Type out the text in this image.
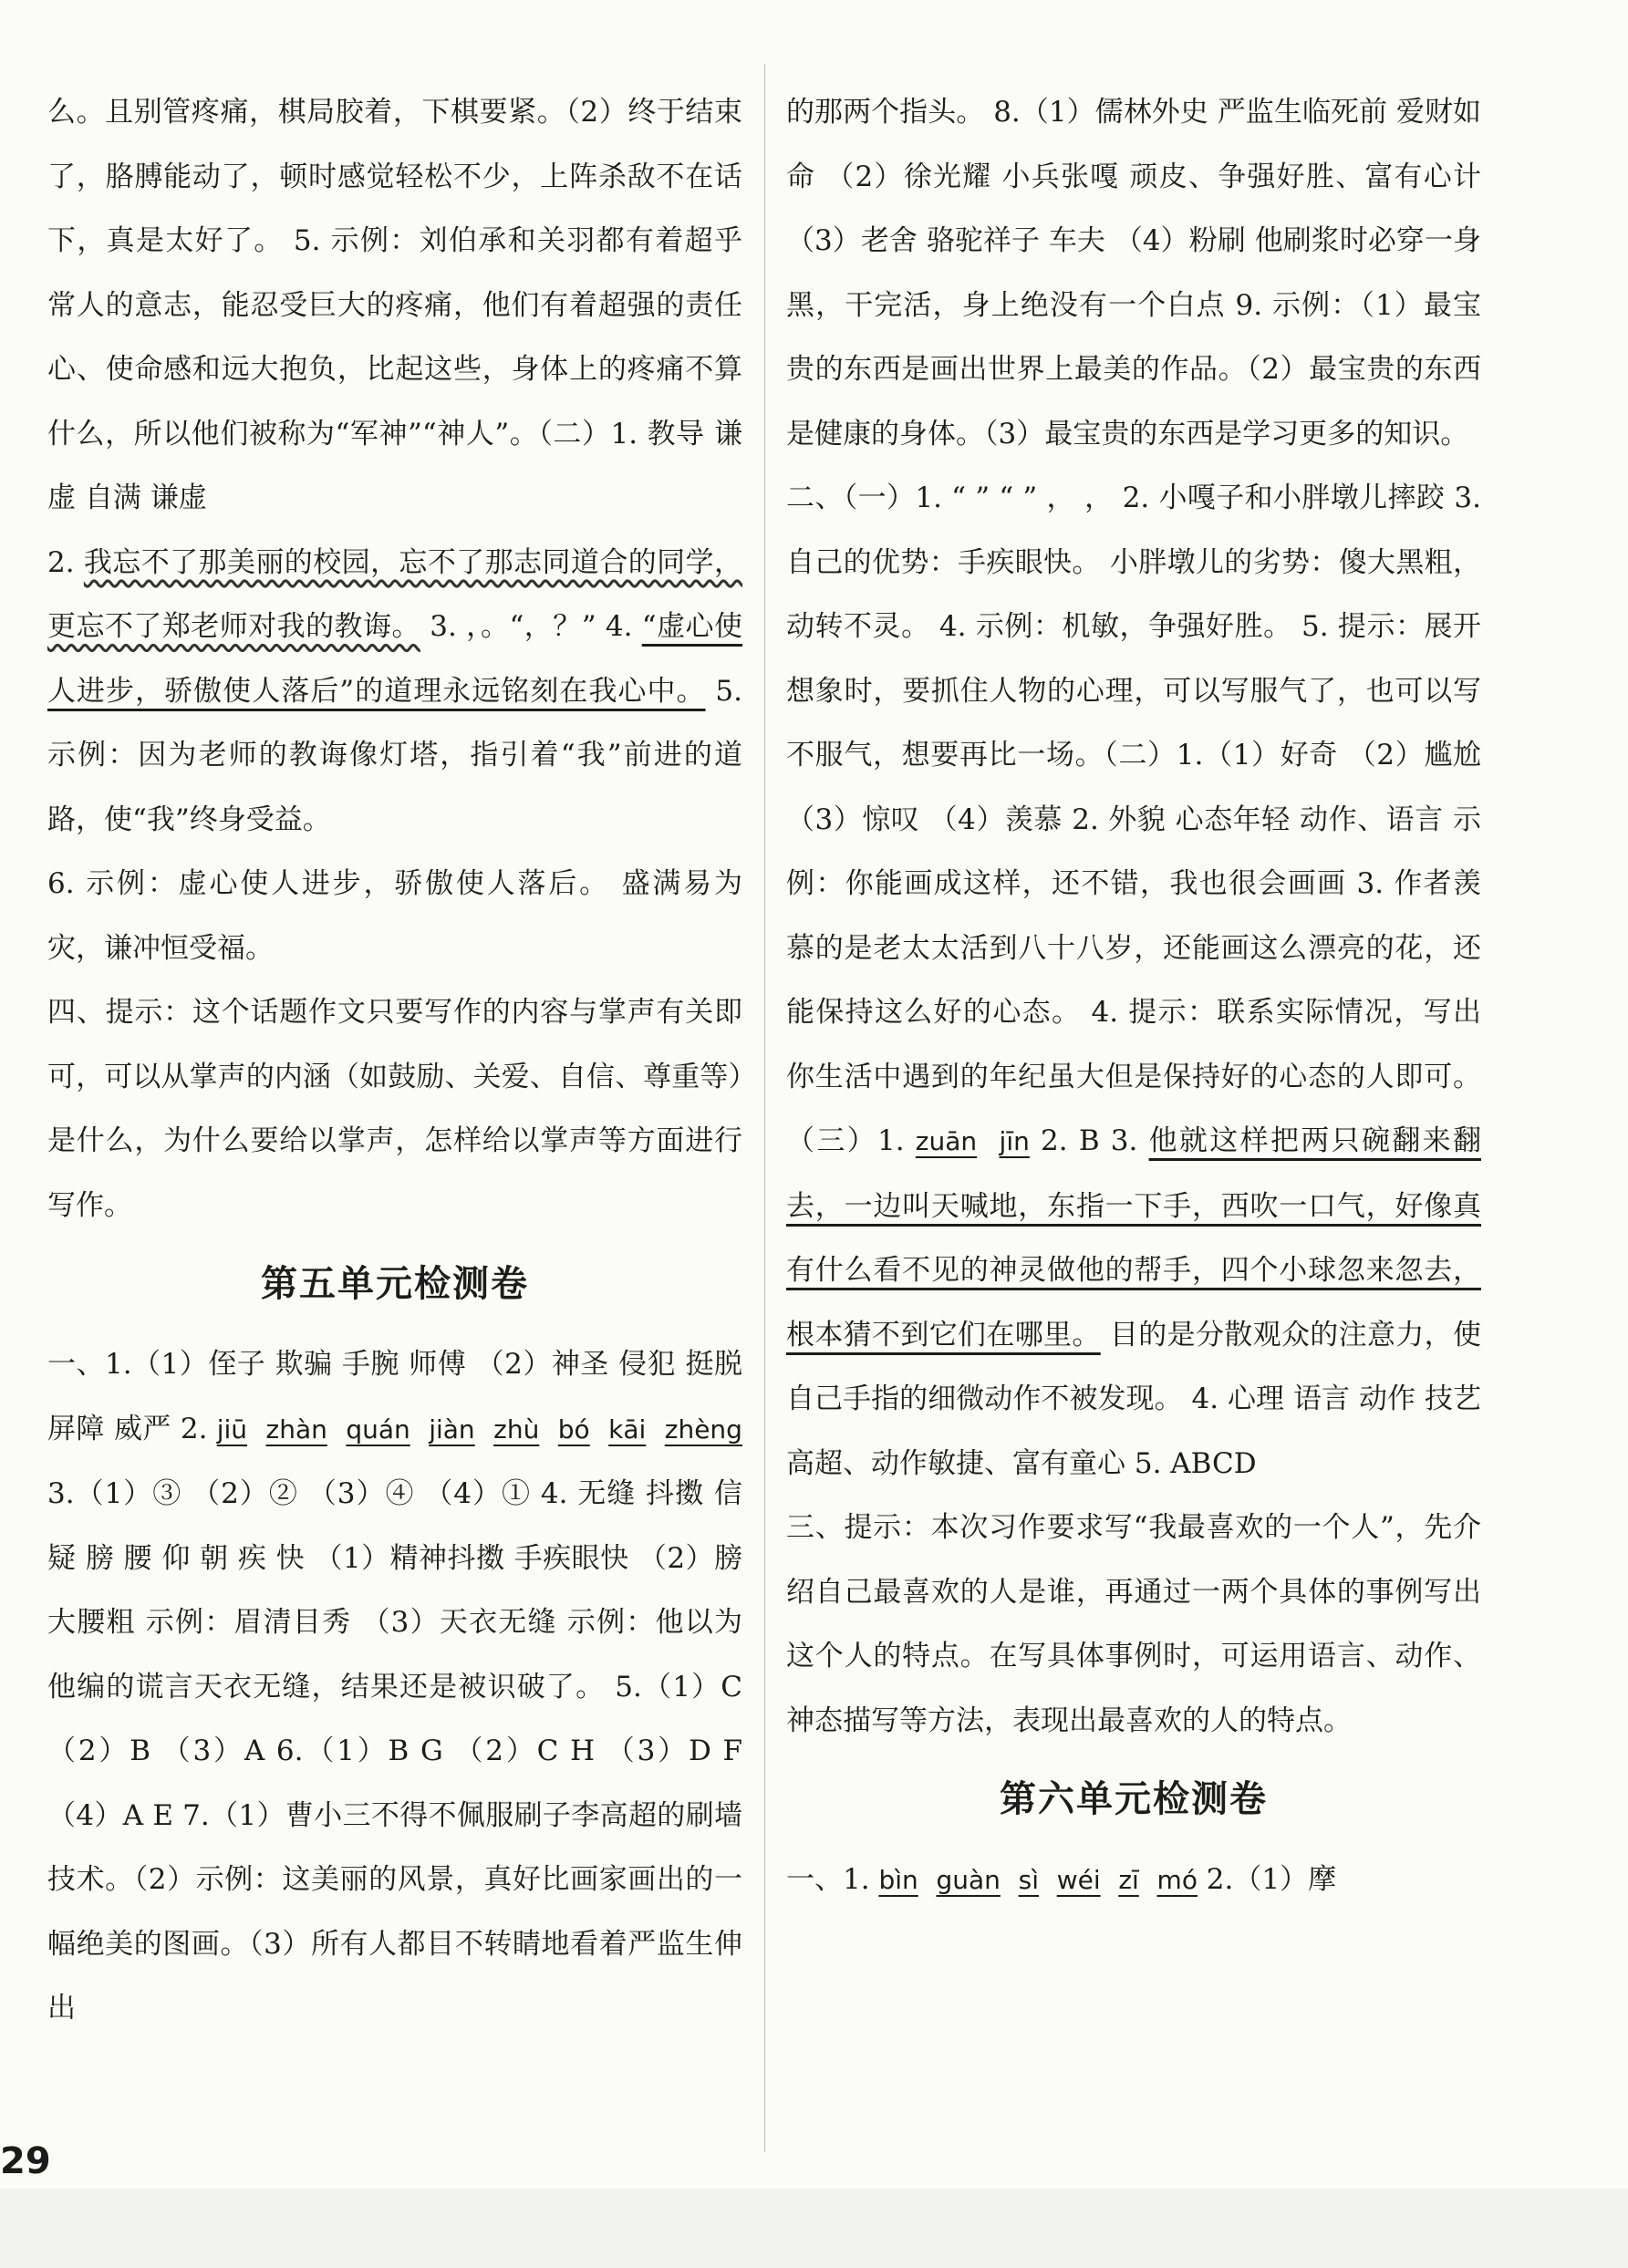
么。且别管疼痛，棋局胶着，下棋要紧。（2）终于结束了，胳膊能动了，顿时感觉轻松不少，上阵杀敌不在话下，真是太好了。 5. 示例：刘伯承和关羽都有着超乎常人的意志，能忍受巨大的疼痛，他们有着超强的责任心、使命感和远大抱负，比起这些，身体上的疼痛不算什么，所以他们被称为“军神”“神人”。（二）1. 教导 谦虚 自满 谦虚

2. 我忘不了那美丽的校园，忘不了那志同道合的同学，更忘不了郑老师对我的教诲。 3. ，。“，？” 4. “虚心使人进步，骄傲使人落后”的道理永远铭刻在我心中。 5. 示例：因为老师的教诲像灯塔，指引着“我”前进的道路，使“我”终身受益。

6. 示例：虚心使人进步，骄傲使人落后。 盛满易为灾，谦冲恒受福。

四、提示：这个话题作文只要写作的内容与掌声有关即可，可以从掌声的内涵（如鼓励、关爱、自信、尊重等）是什么，为什么要给以掌声，怎样给以掌声等方面进行写作。

第五单元检测卷

一、1.（1）侄子 欺骗 手腕 师傅 （2）神圣 侵犯 挺脱 屏障 威严 2. jiū zhàn quán jiàn zhù bó kāi zhèng 3.（1）③ （2）② （3）④ （4）① 4. 无缝 抖擞 信 疑 膀 腰 仰 朝 疾 快 （1）精神抖擞 手疾眼快 （2）膀大腰粗 示例：眉清目秀 （3）天衣无缝 示例：他以为他编的谎言天衣无缝，结果还是被识破了。 5.（1）C （2）B （3）A 6.（1）B G （2）C H （3）D F （4）A E 7.（1）曹小三不得不佩服刷子李高超的刷墙技术。（2）示例：这美丽的风景，真好比画家画出的一幅绝美的图画。（3）所有人都目不转睛地看着严监生伸出

的那两个指头。 8.（1）儒林外史 严监生临死前 爱财如命 （2）徐光耀 小兵张嘎 顽皮、争强好胜、富有心计 （3）老舍 骆驼祥子 车夫 （4）粉刷 他刷浆时必穿一身黑，干完活，身上绝没有一个白点 9. 示例：（1）最宝贵的东西是画出世界上最美的作品。（2）最宝贵的东西是健康的身体。（3）最宝贵的东西是学习更多的知识。

二、（一）1. “ ” “ ” ， ， 2. 小嘎子和小胖墩儿摔跤 3. 自己的优势：手疾眼快。 小胖墩儿的劣势：傻大黑粗，动转不灵。 4. 示例：机敏，争强好胜。 5. 提示：展开想象时，要抓住人物的心理，可以写服气了，也可以写不服气，想要再比一场。（二）1.（1）好奇 （2）尴尬 （3）惊叹 （4）羡慕 2. 外貌 心态年轻 动作、语言 示例：你能画成这样，还不错，我也很会画画 3. 作者羡慕的是老太太活到八十八岁，还能画这么漂亮的花，还能保持这么好的心态。 4. 提示：联系实际情况，写出你生活中遇到的年纪虽大但是保持好的心态的人即可。（三）1. zuān jīn 2. B 3. 他就这样把两只碗翻来翻去，一边叫天喊地，东指一下手，西吹一口气，好像真有什么看不见的神灵做他的帮手，四个小球忽来忽去，根本猜不到它们在哪里。 目的是分散观众的注意力，使自己手指的细微动作不被发现。 4. 心理 语言 动作 技艺高超、动作敏捷、富有童心 5. ABCD

三、提示：本次习作要求写“我最喜欢的一个人”，先介绍自己最喜欢的人是谁，再通过一两个具体的事例写出这个人的特点。在写具体事例时，可运用语言、动作、神态描写等方法，表现出最喜欢的人的特点。

第六单元检测卷

一、1. bìn guàn sì wéi zī mó 2.（1）摩

29
